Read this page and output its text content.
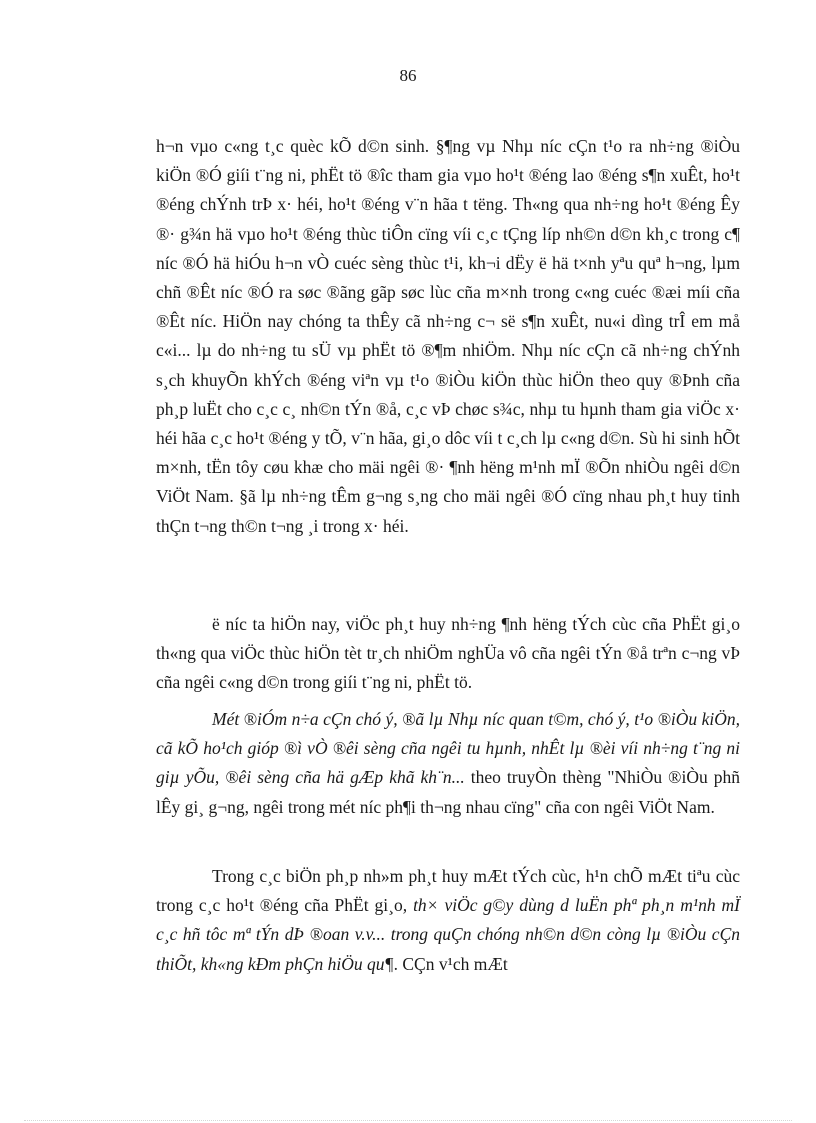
86

h¬n vµo c«ng t¸c quèc kÕ d©n sinh. §¶ng vµ Nhµ níc cÇn t¹o ra nh÷ng ®iÒu kiÖn ®Ó giíi t¨ng ni, phËt tö ®îc tham gia vµo ho¹t ®éng lao ®éng s¶n xuÊt, ho¹t ®éng chÝnh trÞ x· héi, ho¹t ®éng v¨n hãa t tëng. Th«ng qua nh÷ng ho¹t ®éng Êy ®· g¾n hä vµo ho¹t ®éng thùc tiÔn cïng víi c¸c tÇng líp nh©n d©n kh¸c trong c¶ níc ®Ó hä hiÓu h¬n vÒ cuéc sèng thùc t¹i, kh¬i dËy ë hä t×nh yªu quª h¬ng, lµm chñ ®Êt níc ®Ó ra søc ®ãng gãp søc lùc cña m×nh trong c«ng cuéc ®æi míi cña ®Êt níc. HiÖn nay chóng ta thÊy cã nh÷ng c¬ së s¶n xuÊt, nu«i dìng trÎ em må c«i... lµ do nh÷ng tu sÜ vµ phËt tö ®¶m nhiÖm. Nhµ níc cÇn cã nh÷ng chÝnh s¸ch khuyÕn khÝch ®éng viªn vµ t¹o ®iÒu kiÖn thùc hiÖn theo quy ®Þnh cña ph¸p luËt cho c¸c c¸ nh©n tÝn ®å, c¸c vÞ chøc s¾c, nhµ tu hµnh tham gia viÖc x· héi hãa c¸c ho¹t ®éng y tÕ, v¨n hãa, gi¸o dôc víi t c¸ch lµ c«ng d©n. Sù hi sinh hÕt m×nh, tËn tôy cøu khæ cho mäi ngêi ®· ¶nh hëng m¹nh mÏ ®Õn nhiÒu ngêi d©n ViÖt Nam. §ã lµ nh÷ng tÊm g¬ng s¸ng cho mäi ngêi ®Ó cïng nhau ph¸t huy tinh thÇn t¬ng th©n t¬ng ¸i trong x· héi.

ë níc ta hiÖn nay, viÖc ph¸t huy nh÷ng ¶nh hëng tÝch cùc cña PhËt gi¸o th«ng qua viÖc thùc hiÖn tèt tr¸ch nhiÖm nghÜa vô cña ngêi tÝn ®å trªn c¬ng vÞ cña ngêi c«ng d©n trong giíi t¨ng ni, phËt tö.

Mét ®iÓm n÷a cÇn chó ý, ®ã lµ Nhµ níc quan t©m, chó ý, t¹o ®iÒu kiÖn, cã kÕ ho¹ch gióp ®ì vÒ ®êi sèng cña ngêi tu hµnh, nhÊt lµ ®èi víi nh÷ng t¨ng ni giµ yÕu, ®êi sèng cña hä gÆp khã kh¨n... theo truyÒn thèng "NhiÒu ®iÒu phñ lÊy gi¸ g¬ng, ngêi trong mét níc ph¶i th¬ng nhau cïng" cña con ngêi ViÖt Nam.

Trong c¸c biÖn ph¸p nh»m ph¸t huy mÆt tÝch cùc, h¹n chÕ mÆt tiªu cùc trong c¸c ho¹t ®éng cña PhËt gi¸o, th× viÖc g©y dùng d luËn phª ph¸n m¹nh mÏ c¸c hñ tôc mª tÝn dÞ ®oan v.v... trong quÇn chóng nh©n d©n còng lµ ®iÒu cÇn thiÕt, kh«ng kÐm phÇn hiÖu qu¶. CÇn v¹ch mÆt
